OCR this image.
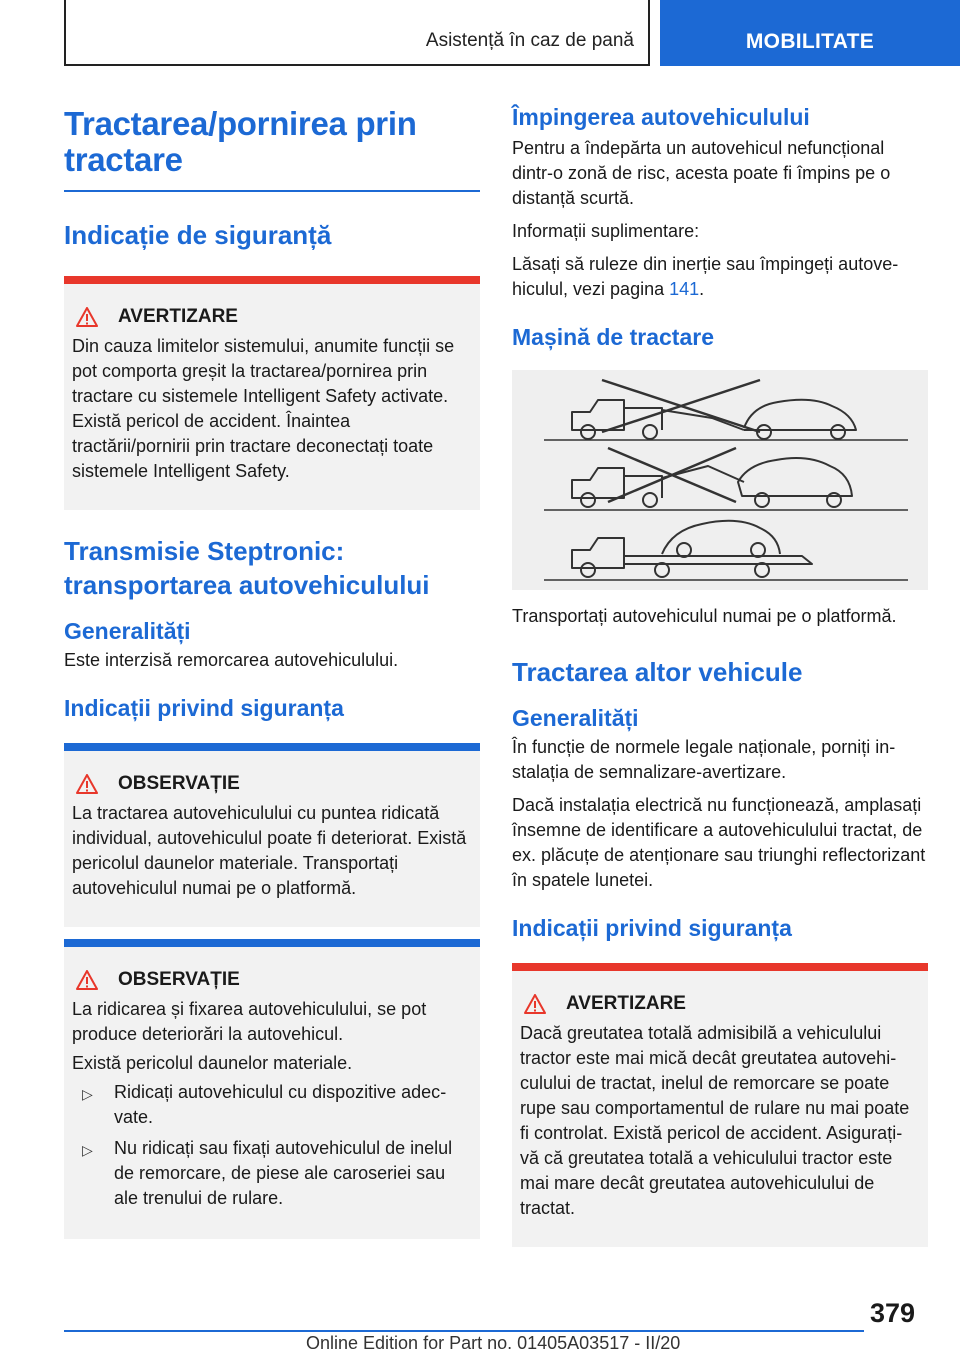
Asistență în caz de pană	MOBILITATE
Tractarea/pornirea prin tractare
Indicație de siguranță
AVERTIZARE

Din cauza limitelor sistemului, anumite funcții se pot comporta greșit la tractarea/pornirea prin tractare cu sistemele Intelligent Safety activate. Există pericol de accident. Înaintea tractării/pornirii prin tractare deconectați toate sistemele Intelligent Safety.

Transmisie Steptronic: transportarea autovehiculului
Generalități

Este interzisă remorcarea autovehiculului.

Indicații privind siguranța
OBSERVAȚIE

La tractarea autovehiculului cu puntea ridicată individual, autovehiculul poate fi deteriorat. Există pericolul daunelor materiale. Transportați autovehiculul numai pe o platformă.

OBSERVAȚIE

La ridicarea și fixarea autovehiculului, se pot produce deteriorări la autovehicul.

Există pericolul daunelor materiale.

▷	Ridicați autovehiculul cu dispozitive adecvate.
▷	Nu ridicați sau fixați autovehiculul de inelul de remorcare, de piese ale caroseriei sau ale trenului de rulare.
Împingerea autovehiculului

Pentru a îndepărta un autovehicul nefuncțional dintr-o zonă de risc, acesta poate fi împins pe o distanță scurtă.

Informații suplimentare:

Lăsați să ruleze din inerție sau împingeți autovehiculul, vezi pagina 141.

Mașină de tractare

Transportați autovehiculul numai pe o platformă.

Tractarea altor vehicule
Generalități

În funcție de normele legale naționale, porniți instalația de semnalizare-avertizare.

Dacă instalația electrică nu funcționează, amplasați însemne de identificare a autovehiculului tractat, de ex. plăcuțe de atenționare sau triunghi reflectorizant în spatele lunetei.

Indicații privind siguranța
AVERTIZARE

Dacă greutatea totală admisibilă a vehiculului tractor este mai mică decât greutatea autovehiculului de tractat, inelul de remorcare se poate rupe sau comportamentul de rulare nu mai poate fi controlat. Există pericol de accident. Asigurați-vă că greutatea totală a vehiculului tractor este mai mare decât greutatea autovehiculului de tractat.

379
Online Edition for Part no. 01405A03517 - II/20
